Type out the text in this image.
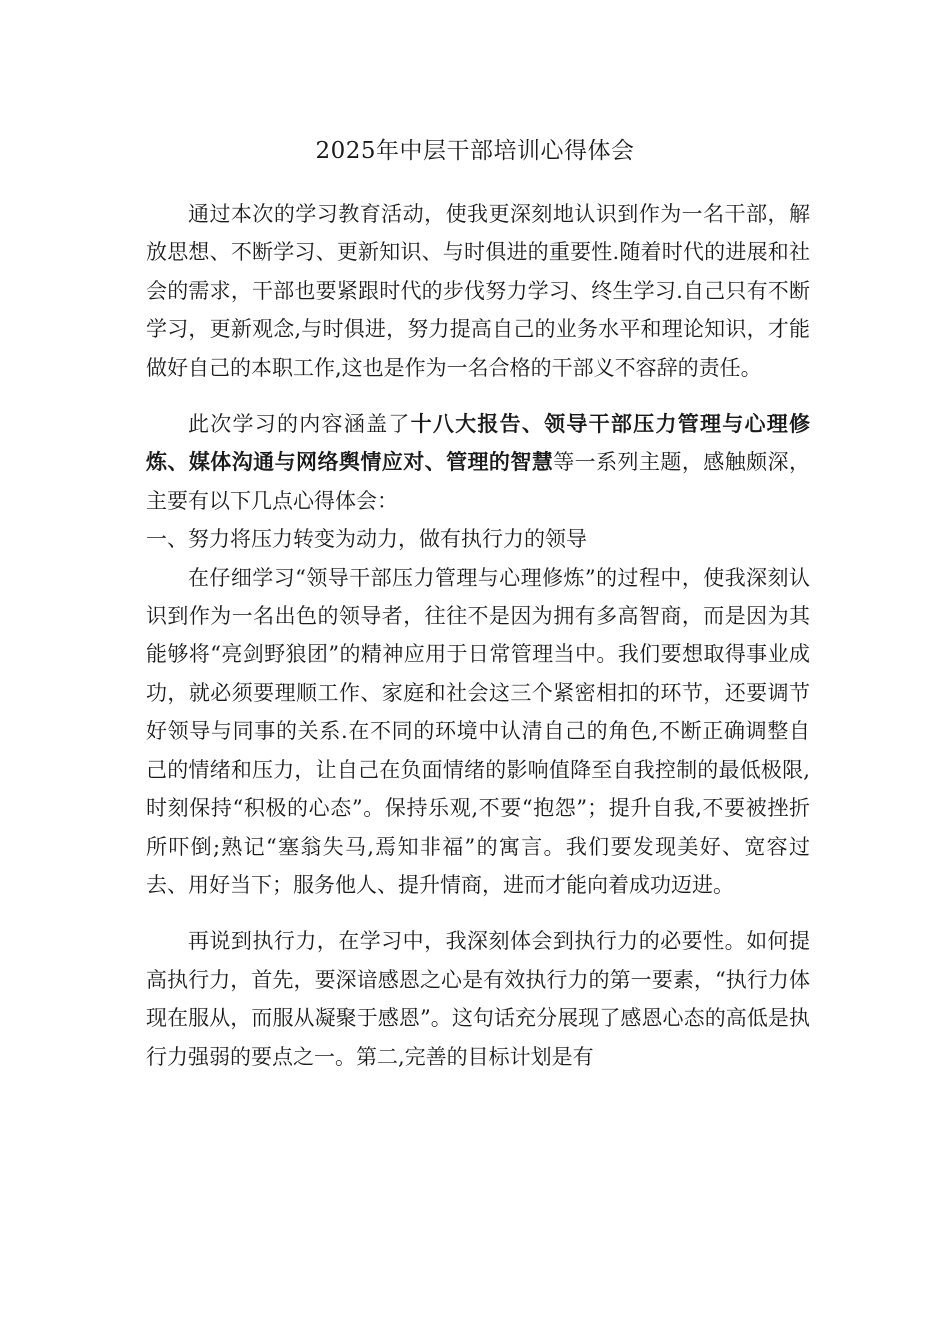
2025年中层干部培训心得体会

通过本次的学习教育活动，使我更深刻地认识到作为一名干部，解放思想、不断学习、更新知识、与时俱进的重要性.随着时代的进展和社会的需求，干部也要紧跟时代的步伐努力学习、终生学习.自己只有不断学习，更新观念,与时俱进，努力提高自己的业务水平和理论知识，才能做好自己的本职工作,这也是作为一名合格的干部义不容辞的责任。

此次学习的内容涵盖了十八大报告、领导干部压力管理与心理修炼、媒体沟通与网络舆情应对、管理的智慧等一系列主题，感触颇深，主要有以下几点心得体会：

一、努力将压力转变为动力，做有执行力的领导

在仔细学习“领导干部压力管理与心理修炼”的过程中，使我深刻认识到作为一名出色的领导者，往往不是因为拥有多高智商，而是因为其能够将“亮剑野狼团”的精神应用于日常管理当中。我们要想取得事业成功，就必须要理顺工作、家庭和社会这三个紧密相扣的环节，还要调节好领导与同事的关系.在不同的环境中认清自己的角色,不断正确调整自己的情绪和压力，让自己在负面情绪的影响值降至自我控制的最低极限,时刻保持“积极的心态”。保持乐观,不要“抱怨”；提升自我,不要被挫折所吓倒;熟记“塞翁失马,焉知非福”的寓言。我们要发现美好、宽容过去、用好当下；服务他人、提升情商，进而才能向着成功迈进。

再说到执行力，在学习中，我深刻体会到执行力的必要性。如何提高执行力，首先，要深谙感恩之心是有效执行力的第一要素，“执行力体现在服从，而服从凝聚于感恩”。这句话充分展现了感恩心态的高低是执行力强弱的要点之一。第二,完善的目标计划是有
